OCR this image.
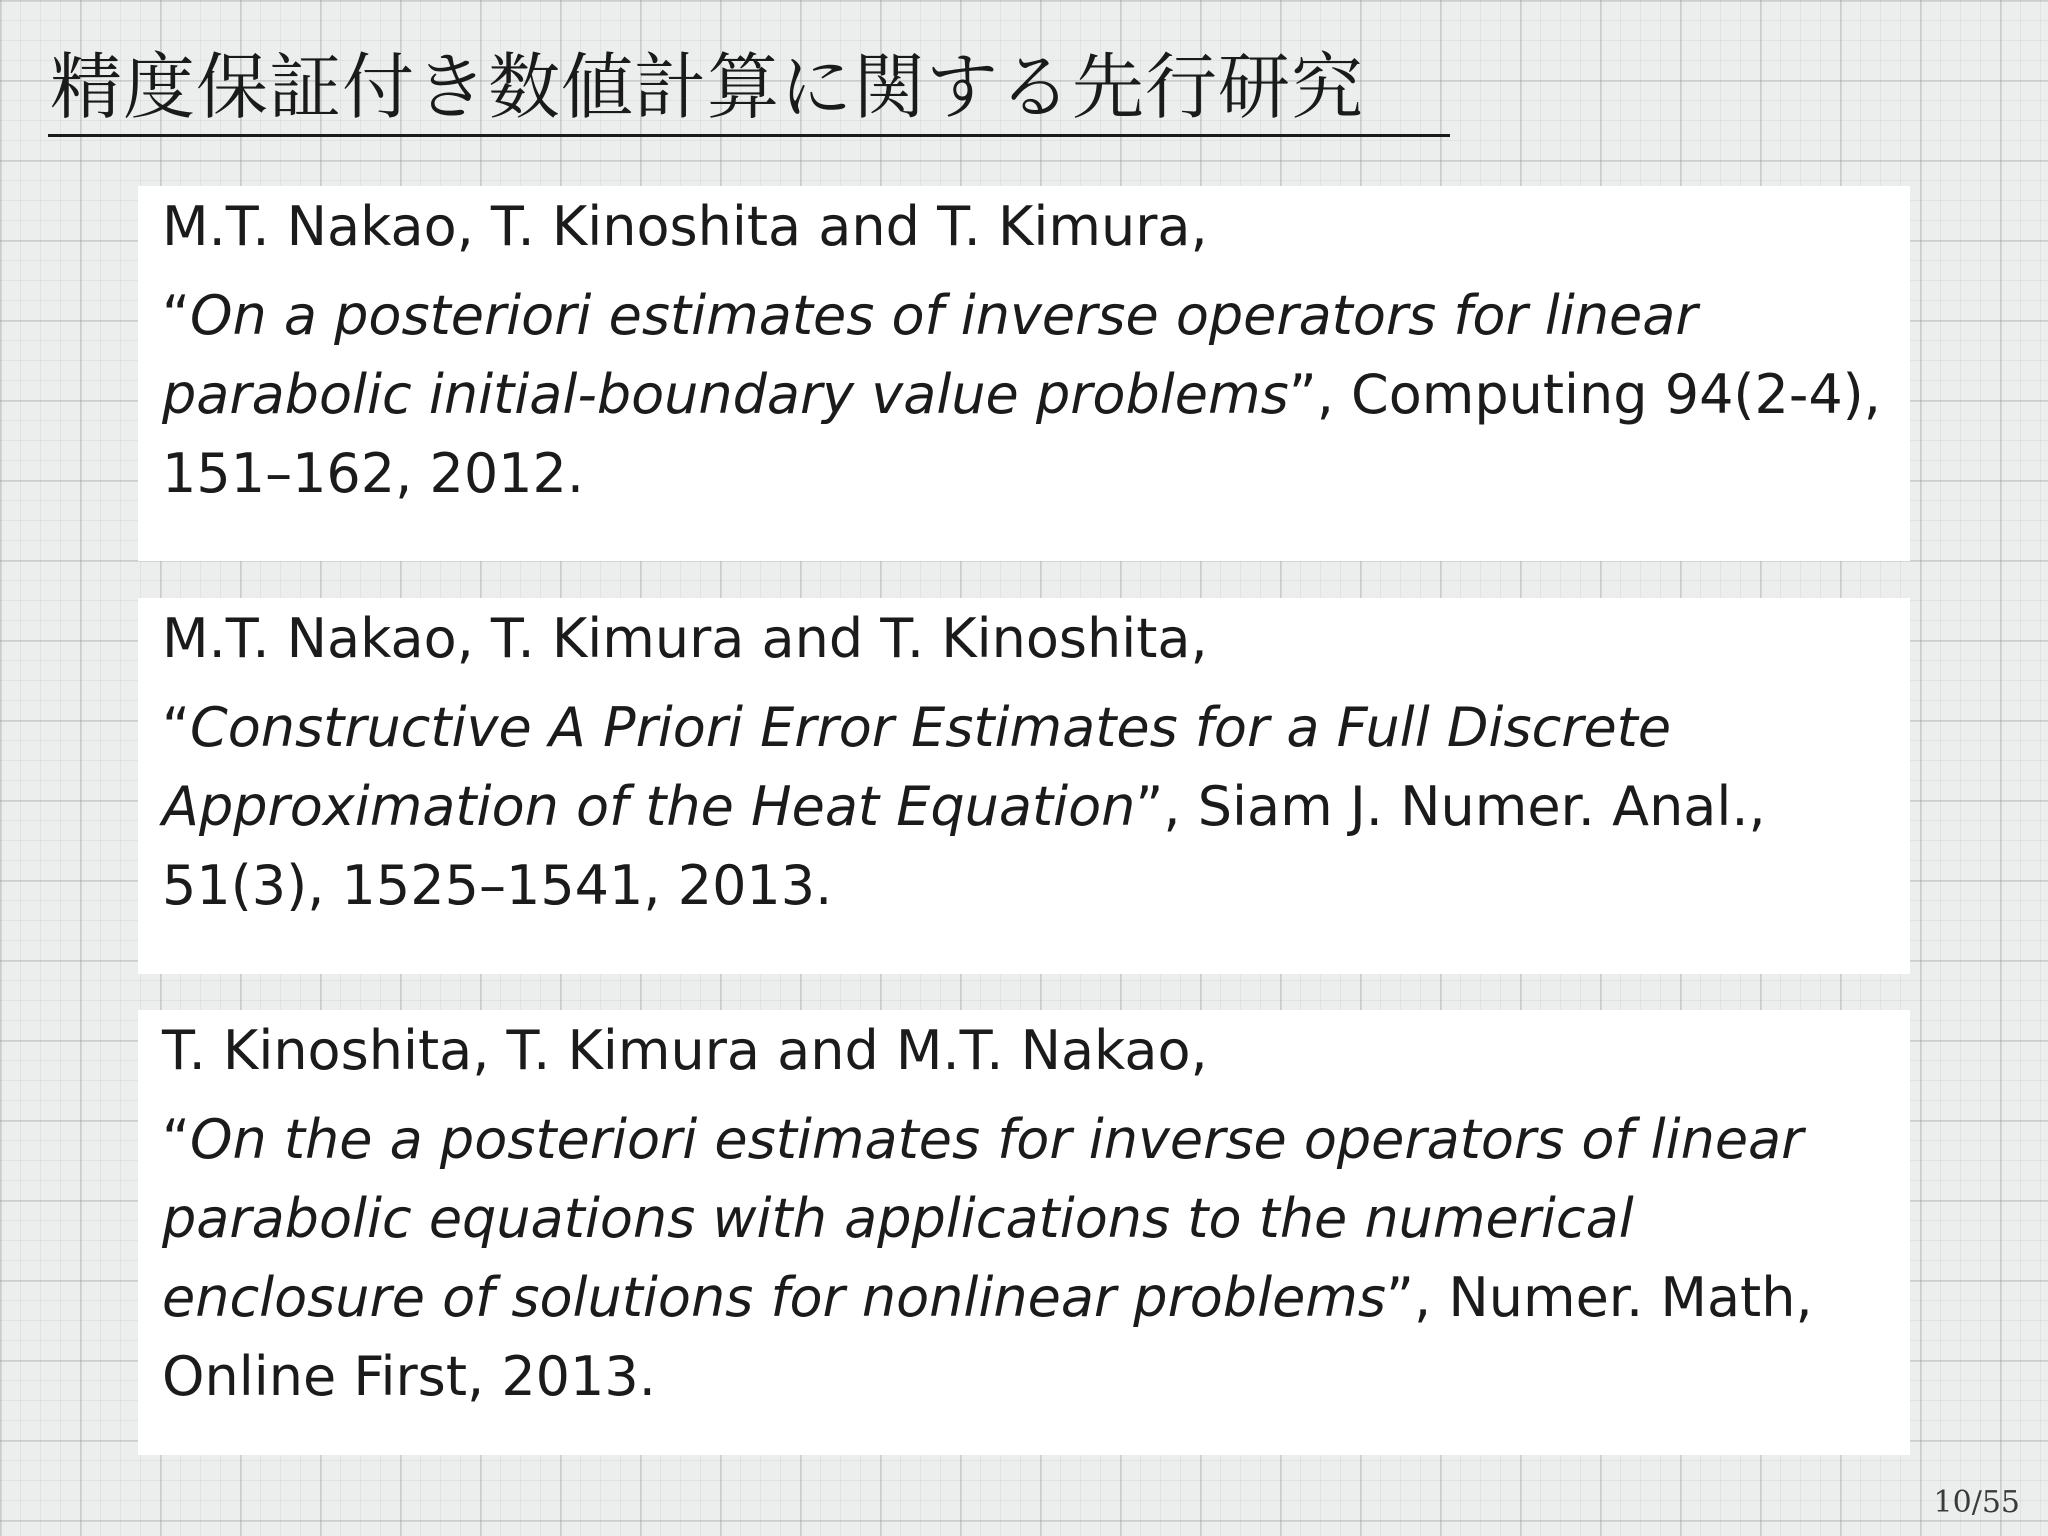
精度保証付き数値計算に関する先行研究
M.T. Nakao, T. Kinoshita and T. Kimura,

“On a posteriori estimates of inverse operators for linear parabolic initial-boundary value problems”, Computing 94(2-4), 151–162, 2012.

M.T. Nakao, T. Kimura and T. Kinoshita,

“Constructive A Priori Error Estimates for a Full Discrete Approximation of the Heat Equation”, Siam J. Numer. Anal., 51(3), 1525–1541, 2013.

T. Kinoshita, T. Kimura and M.T. Nakao,

“On the a posteriori estimates for inverse operators of linear parabolic equations with applications to the numerical enclosure of solutions for nonlinear problems”, Numer. Math, Online First, 2013.

10/55
